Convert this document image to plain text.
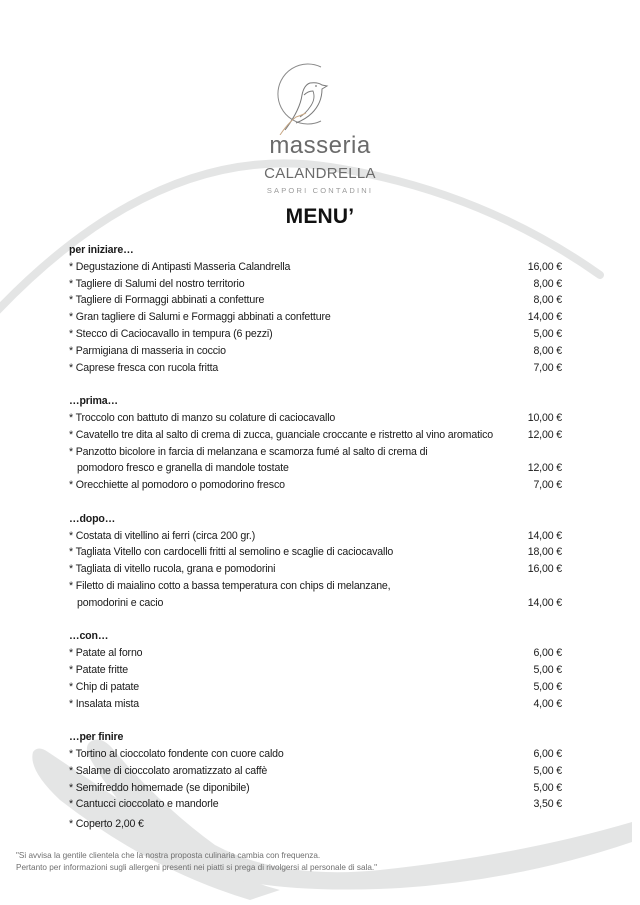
masseria
calandrella
SAPORI CONTADINI
MENU’
per iniziare…
* Degustazione di Antipasti Masseria Calandrella	16,00 €
* Tagliere di Salumi del nostro territorio	8,00 €
* Tagliere di Formaggi abbinati a confetture	8,00 €
* Gran tagliere di Salumi e Formaggi abbinati a confetture	14,00 €
* Stecco di Caciocavallo in tempura (6 pezzi)	5,00 €
* Parmigiana di masseria in coccio	8,00 €
* Caprese fresca con rucola fritta	7,00 €
…prima…
* Troccolo con battuto di manzo su colature di caciocavallo	10,00 €
* Cavatello tre dita al salto di crema di zucca, guanciale croccante e ristretto al vino aromatico	12,00 €
* Panzotto bicolore in farcia di melanzana e scamorza fumé al salto di crema di
pomodoro fresco e granella di mandole tostate	12,00 €
* Orecchiette al pomodoro o pomodorino fresco	7,00 €
…dopo…
* Costata di vitellino ai ferri (circa 200 gr.)	14,00 €
* Tagliata Vitello con cardocelli fritti al semolino e scaglie di caciocavallo	18,00 €
* Tagliata di vitello rucola, grana e pomodorini	16,00 €
* Filetto di maialino cotto a bassa temperatura con chips di melanzane,
pomodorini e cacio	14,00 €
…con…
* Patate al forno	6,00 €
* Patate fritte	5,00 €
* Chip di patate	5,00 €
* Insalata mista	4,00 €
…per finire
* Tortino al cioccolato fondente con cuore caldo	6,00 €
* Salame di cioccolato aromatizzato al caffè	5,00 €
* Semifreddo homemade (se diponibile)	5,00 €
* Cantucci cioccolato e mandorle	3,50 €
* Coperto 2,00 €
"Si avvisa la gentile clientela che la nostra proposta culinaria cambia con frequenza.
Pertanto per informazioni sugli allergeni presenti nei piatti si prega di rivolgersi al personale di sala."
